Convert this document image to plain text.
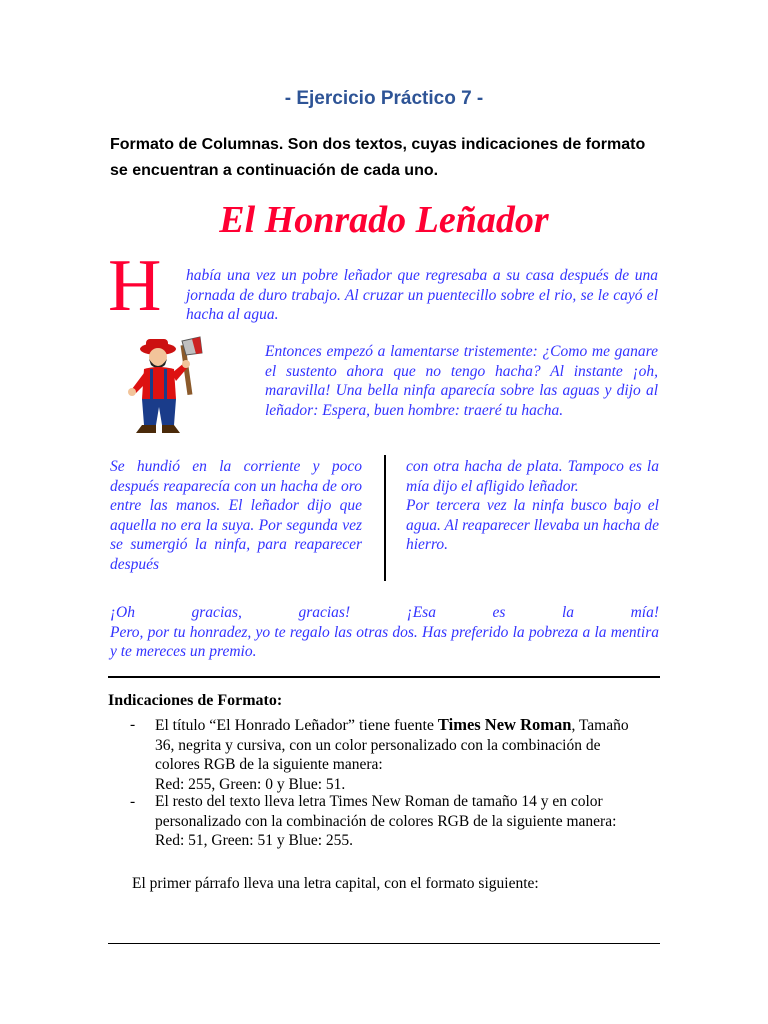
- Ejercicio Práctico 7 -
Formato de Columnas. Son dos textos, cuyas indicaciones de formato se encuentran a continuación de cada uno.
El Honrado Leñador
H había una vez un pobre leñador que regresaba a su casa después de una jornada de duro trabajo. Al cruzar un puentecillo sobre el rio, se le cayó el hacha al agua.
Entonces empezó a lamentarse tristemente: ¿Como me ganare el sustento ahora que no tengo hacha? Al instante ¡oh, maravilla! Una bella ninfa aparecía sobre las aguas y dijo al leñador: Espera, buen hombre: traeré tu hacha.
Se hundió en la corriente y poco después reaparecía con un hacha de oro entre las manos. El leñador dijo que aquella no era la suya. Por segunda vez se sumergió la ninfa, para reaparecer después
con otra hacha de plata. Tampoco es la mía dijo el afligido leñador.
Por tercera vez la ninfa busco bajo el agua. Al reaparecer llevaba un hacha de hierro.
¡Oh gracias, gracias! ¡Esa es la mía!
Pero, por tu honradez, yo te regalo las otras dos. Has preferido la pobreza a la mentira y te mereces un premio.
Indicaciones de Formato:
- El título “El Honrado Leñador” tiene fuente Times New Roman, Tamaño 36, negrita y cursiva, con un color personalizado con la combinación de colores RGB de la siguiente manera:
Red: 255, Green: 0 y Blue: 51.
- El resto del texto lleva letra Times New Roman de tamaño 14 y en color personalizado con la combinación de colores RGB de la siguiente manera:
Red: 51, Green: 51 y Blue: 255.
El primer párrafo lleva una letra capital, con el formato siguiente:
